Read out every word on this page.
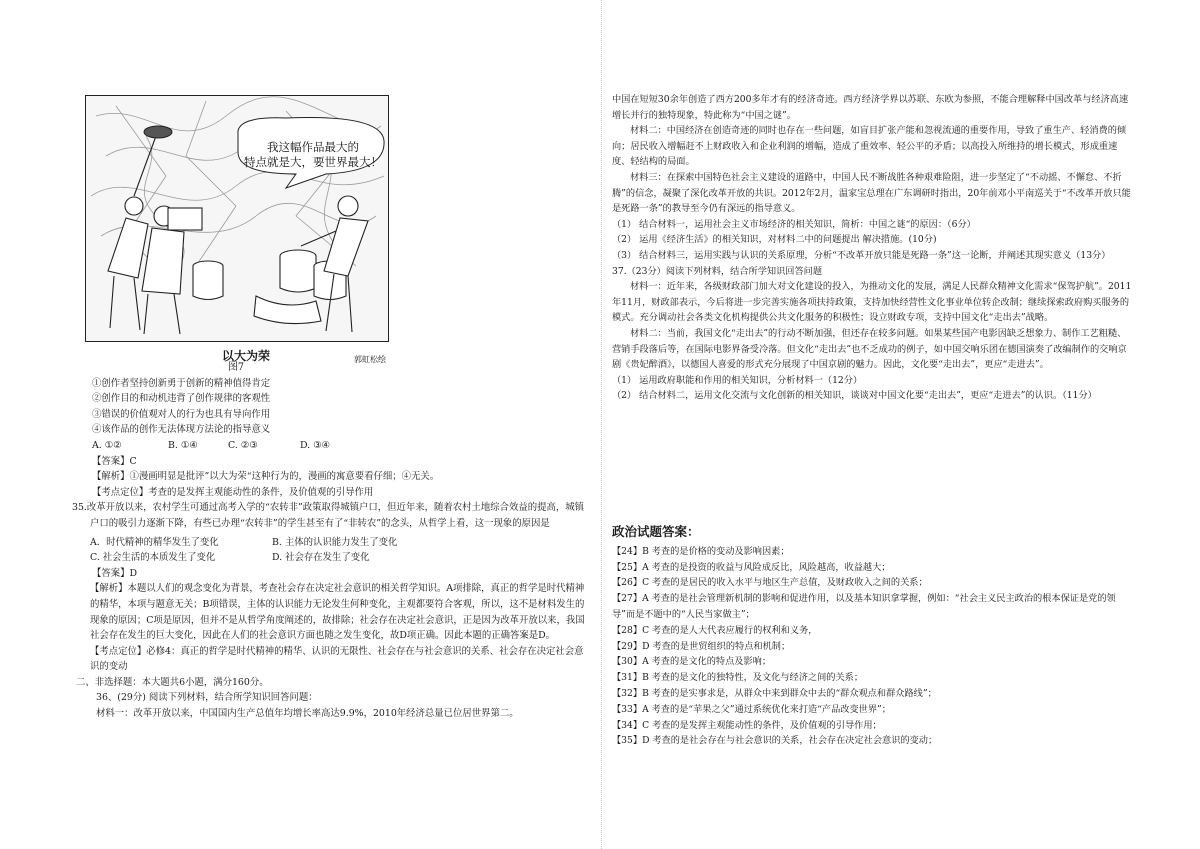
我这幅作品最大的
特点就是大，要世界最大！
以大为荣	郭虹松绘
图7

①创作者坚持创新勇于创新的精神值得肯定

②创作目的和动机违背了创作规律的客观性

③错误的价值观对人的行为也具有导向作用

④该作品的创作无法体现方法论的指导意义

A. ①②	B. ①④	C. ②③	D. ③④

【答案】C

【解析】①漫画明显是批评”以大为荣“这种行为的，漫画的寓意要看仔细；④无关。

【考点定位】考查的是发挥主观能动性的条件，及价值观的引导作用

35.改革开放以来，农村学生可通过高考入学的“农转非”政策取得城镇户口，但近年来，随着农村土地综合效益的提高，城镇户口的吸引力逐渐下降，有些已办理“农转非”的学生甚至有了“非转农”的念头，从哲学上看，这一现象的原因是

A．时代精神的精华发生了变化	B. 主体的认识能力发生了变化
C. 社会生活的本质发生了变化	D. 社会存在发生了变化

【答案】D

【解析】本题以人们的观念变化为背景，考查社会存在决定社会意识的相关哲学知识。A项排除，真正的哲学是时代精神的精华，本项与题意无关；B项错误，主体的认识能力无论发生何种变化，主观都要符合客观，所以，这不是材料发生的现象的原因；C项是原因，但并不是从哲学角度阐述的，故排除；社会存在决定社会意识，正是因为改革开放以来，我国社会存在发生的巨大变化，因此在人们的社会意识方面也随之发生变化，故D项正确。因此本题的正确答案是D。

【考点定位】必修4：真正的哲学是时代精神的精华、认识的无限性、社会存在与社会意识的关系、社会存在决定社会意识的变动

二、非选择题：本大题共6小题，满分160分。

36、(29分) 阅读下列材料，结合所学知识回答问题：

材料一：改革开放以来，中国国内生产总值年均增长率高达9.9%，2010年经济总量已位居世界第二。

中国在短短30余年创造了西方200多年才有的经济奇迹。西方经济学界以苏联、东欧为参照，不能合理解释中国改革与经济高速增长并行的独特现象，特此称为“中国之谜”。

材料二：中国经济在创造奇迹的同时也存在一些问题，如盲目扩张产能和忽视流通的重要作用，导致了重生产、轻消费的倾向；居民收入增幅赶不上财政收入和企业利润的增幅，造成了重效率、轻公平的矛盾；以高投入所维持的增长模式，形成重速度、轻结构的局面。

材料三：在探索中国特色社会主义建设的道路中，中国人民不断战胜各种艰难险阻，进一步坚定了“不动摇、不懈怠、不折腾”的信念，凝聚了深化改革开放的共识。2012年2月，温家宝总理在广东调研时指出，20年前邓小平南巡关于“不改革开放只能是死路一条”的教导至今仍有深远的指导意义。

（1） 结合材料一，运用社会主义市场经济的相关知识，简析：中国之谜“的原因：（6分）

（2） 运用《经济生活》的相关知识，对材料二中的问题提出 解决措施。(10分)

（3） 结合材料三，运用实践与认识的关系原理，分析“不改革开放只能是死路一条”这一论断，并阐述其现实意义（13分）

37.（23分）阅读下列材料，结合所学知识回答问题

材料一：近年来，各级财政部门加大对文化建设的投入，为推动文化的发展，满足人民群众精神文化需求“保驾护航”。2011年11月，财政部表示，今后将进一步完善实施各项扶持政策，支持加快经营性文化事业单位转企改制；继续探索政府购买服务的模式。充分调动社会各类文化机构提供公共文化服务的积极性；设立财政专项，支持中国文化“走出去”战略。

材料二：当前，我国文化“走出去”的行动不断加强，但还存在较多问题。如果某些国产电影因缺乏想象力、制作工艺粗糙、营销手段落后等，在国际电影界备受冷落。但文化“走出去”也不乏成功的例子，如中国交响乐团在德国演奏了改编制作的交响京剧《贵妃醉酒》，以德国人喜爱的形式充分展现了中国京剧的魅力。因此，文化要“走出去”，更应“走进去”。

（1） 运用政府职能和作用的相关知识，分析材料一（12分）

（2） 结合材料二，运用文化交流与文化创新的相关知识，谈谈对中国文化要“走出去”，更应“走进去”的认识。（11分）

政治试题答案：

【24】B 考查的是价格的变动及影响因素；

【25】A 考查的是投资的收益与风险成反比，风险越高，收益越大；

【26】C 考查的是居民的收入水平与地区生产总值，及财政收入之间的关系；

【27】A 考查的是社会管理新机制的影响和促进作用，以及基本知识拿掌握，例如：“社会主义民主政治的根本保证是党的领导”而是不题中的“人民当家做主”；

【28】C 考查的是人大代表应履行的权利和义务，

【29】D 考查的是世贸组织的特点和机制；

【30】A 考查的是文化的特点及影响；

【31】B 考查的是文化的独特性，及文化与经济之间的关系；

【32】B 考查的是实事求是，从群众中来到群众中去的“群众观点和群众路线”；

【33】A 考查的是“苹果之父”通过系统优化来打造“产品改变世界”；

【34】C 考查的是发挥主观能动性的条件，及价值观的引导作用；

【35】D 考查的是社会存在与社会意识的关系，社会存在决定社会意识的变动；
